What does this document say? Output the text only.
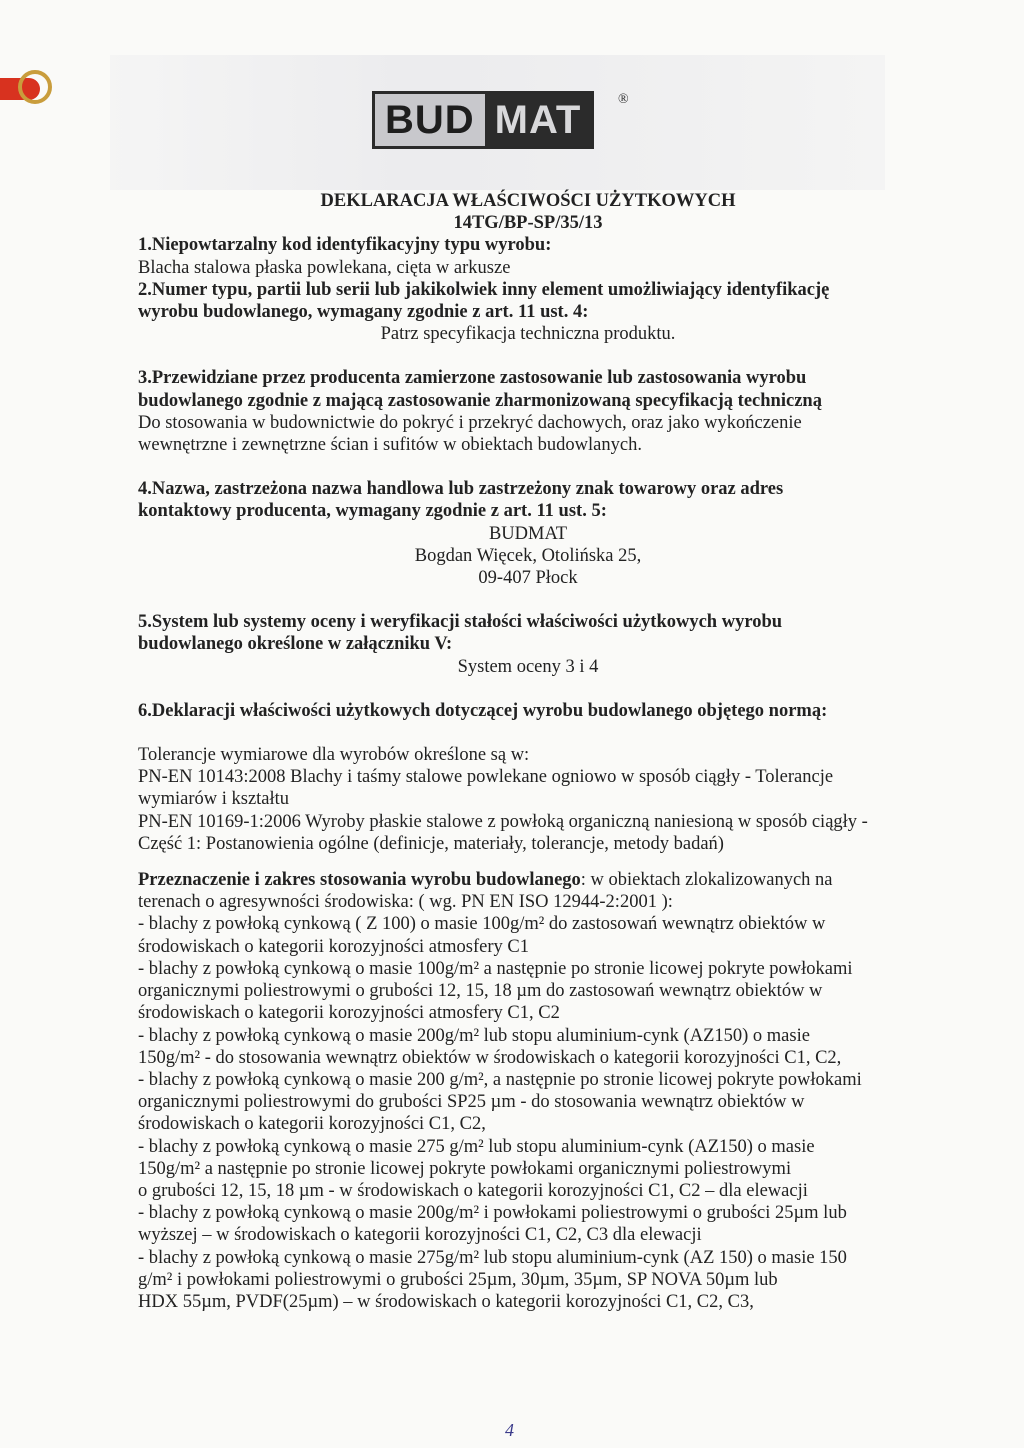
BUD MAT	®

DEKLARACJA WŁAŚCIWOŚCI UŻYTKOWYCH

14TG/BP-SP/35/13

1.Niepowtarzalny kod identyfikacyjny typu wyrobu:

Blacha stalowa płaska powlekana, cięta w arkusze

2.Numer typu, partii lub serii lub jakikolwiek inny element umożliwiający identyfikację

wyrobu budowlanego, wymagany zgodnie z art. 11 ust. 4:

Patrz specyfikacja techniczna produktu.

3.Przewidziane przez producenta zamierzone zastosowanie lub zastosowania wyrobu

budowlanego zgodnie z mającą zastosowanie zharmonizowaną specyfikacją techniczną

Do stosowania w budownictwie do pokryć i przekryć dachowych, oraz jako wykończenie

wewnętrzne i zewnętrzne ścian i sufitów w obiektach budowlanych.

4.Nazwa, zastrzeżona nazwa handlowa lub zastrzeżony znak towarowy oraz adres

kontaktowy producenta, wymagany zgodnie z art. 11 ust. 5:

BUDMAT

Bogdan Więcek, Otolińska 25,

09-407 Płock

5.System lub systemy oceny i weryfikacji stałości właściwości użytkowych wyrobu

budowlanego określone w załączniku V:

System oceny 3 i 4

6.Deklaracji właściwości użytkowych dotyczącej wyrobu budowlanego objętego normą:

Tolerancje wymiarowe dla wyrobów określone są w:

PN-EN 10143:2008 Blachy i taśmy stalowe powlekane ogniowo w sposób ciągły - Tolerancje

wymiarów i kształtu

PN-EN 10169-1:2006 Wyroby płaskie stalowe z powłoką organiczną naniesioną w sposób ciągły -

Część 1: Postanowienia ogólne (definicje, materiały, tolerancje, metody badań)

Przeznaczenie i zakres stosowania wyrobu budowlanego: w obiektach zlokalizowanych na

terenach o agresywności środowiska: ( wg. PN EN ISO 12944-2:2001 ):

- blachy z powłoką cynkową ( Z 100) o masie 100g/m² do zastosowań wewnątrz obiektów w

środowiskach o kategorii korozyjności atmosfery C1

- blachy z powłoką cynkową o masie 100g/m² a następnie po stronie licowej pokryte powłokami

organicznymi poliestrowymi o grubości 12, 15, 18 µm do zastosowań wewnątrz obiektów w

środowiskach o kategorii korozyjności atmosfery C1, C2

- blachy z powłoką cynkową o masie 200g/m² lub stopu aluminium-cynk (AZ150) o masie

150g/m² - do stosowania wewnątrz obiektów w środowiskach o kategorii korozyjności C1, C2,

- blachy z powłoką cynkową o masie 200 g/m², a następnie po stronie licowej pokryte powłokami

organicznymi poliestrowymi do grubości SP25 µm - do stosowania wewnątrz obiektów w

środowiskach o kategorii korozyjności C1, C2,

- blachy z powłoką cynkową o masie 275 g/m² lub stopu aluminium-cynk (AZ150) o masie

150g/m² a następnie po stronie licowej pokryte powłokami organicznymi poliestrowymi

o grubości 12, 15, 18 µm - w środowiskach o kategorii korozyjności C1, C2 – dla elewacji

- blachy z powłoką cynkową o masie 200g/m² i powłokami poliestrowymi o grubości 25µm lub

wyższej – w środowiskach o kategorii korozyjności C1, C2, C3 dla elewacji

- blachy z powłoką cynkową o masie 275g/m² lub stopu aluminium-cynk (AZ 150) o masie 150

g/m² i powłokami poliestrowymi o grubości 25µm, 30µm, 35µm, SP NOVA 50µm lub

HDX 55µm, PVDF(25µm) – w środowiskach o kategorii korozyjności C1, C2, C3,

4
